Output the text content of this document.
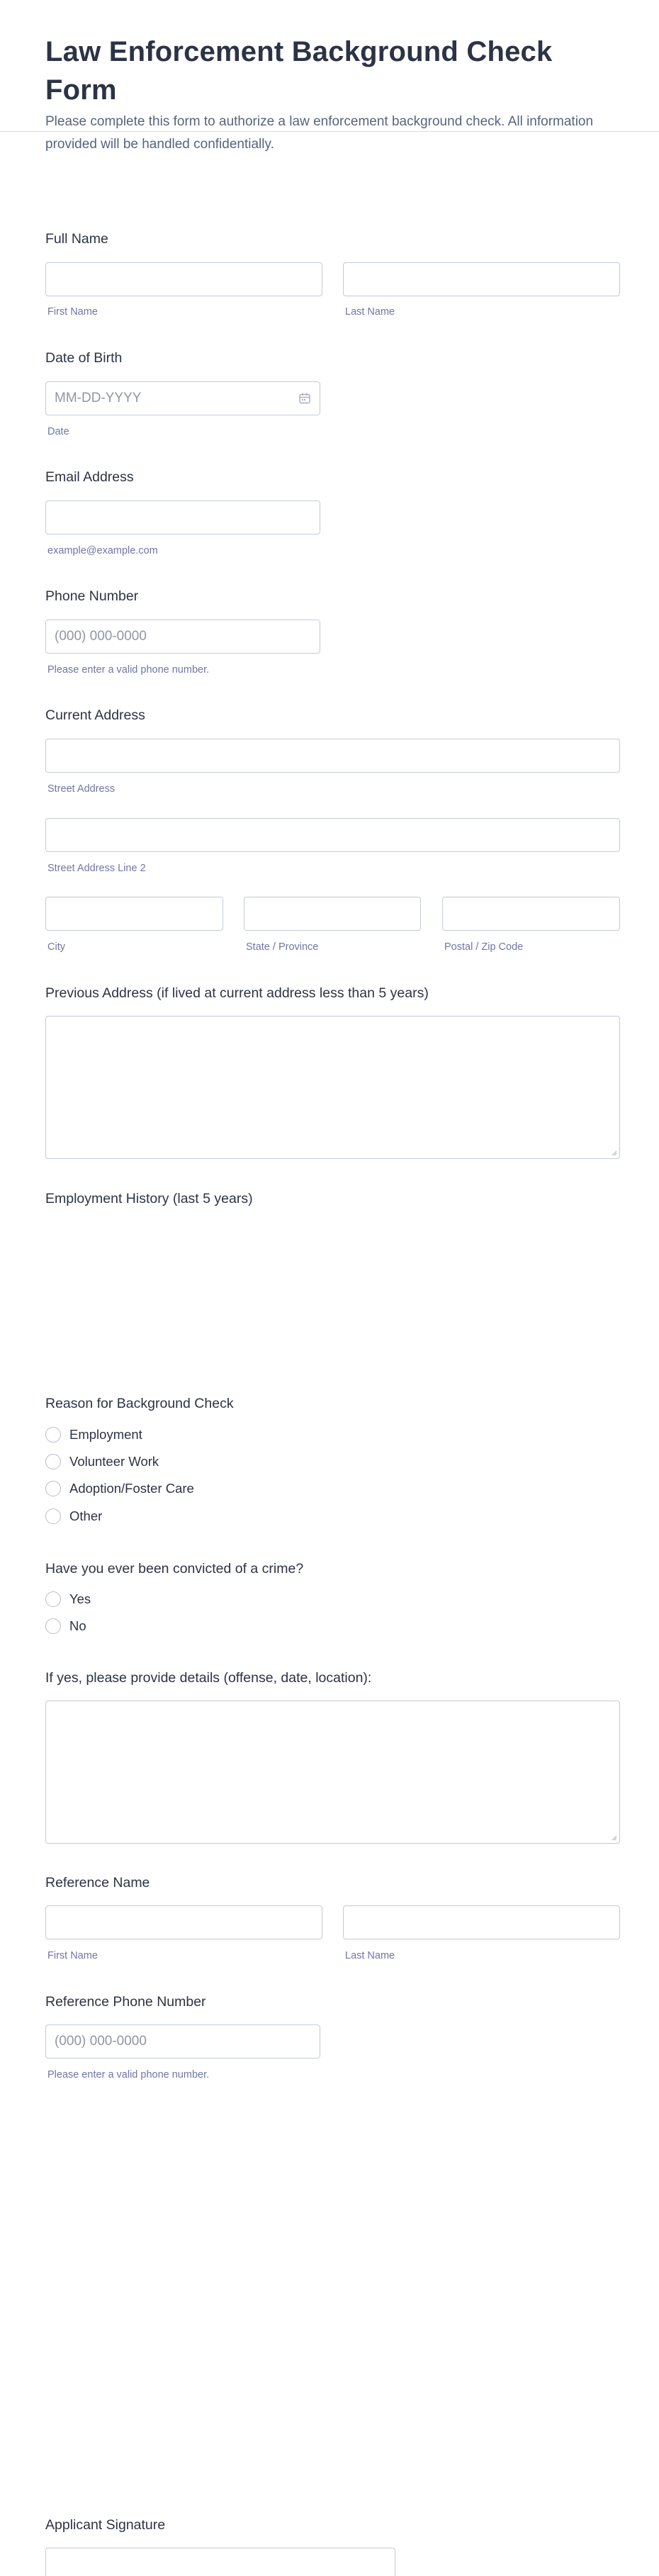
Law Enforcement Background Check Form

Please complete this form to authorize a law enforcement background check. All information provided will be handled confidentially.

Full Name
First Name	Last Name
Date of Birth
MM-DD-YYYY
Date
Email Address
example@example.com
Phone Number
(000) 000-0000
Please enter a valid phone number.
Current Address
Street Address
Street Address Line 2
City	State / Province	Postal / Zip Code
Previous Address (if lived at current address less than 5 years)
Employment History (last 5 years)
Reason for Background Check
Employment
Volunteer Work
Adoption/Foster Care
Other
Have you ever been convicted of a crime?
Yes
No
If yes, please provide details (offense, date, location):
Reference Name
First Name	Last Name
Reference Phone Number
(000) 000-0000
Please enter a valid phone number.
Applicant Signature
